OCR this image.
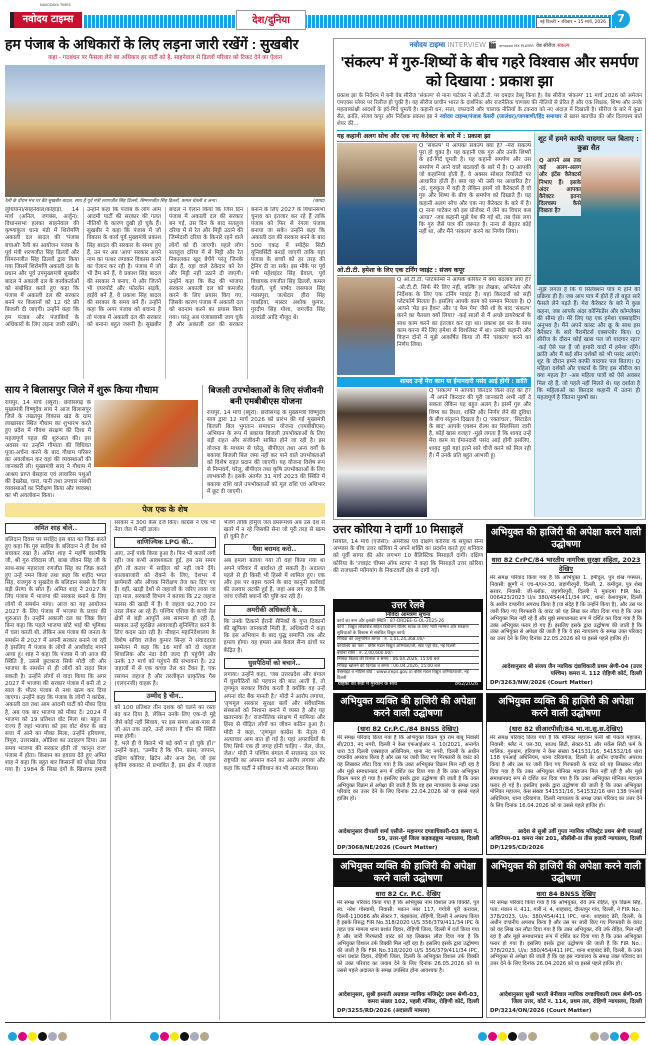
NAVODAYA TIMES
नवोदय टाइम्स	देश/दुनिया	नई दिल्ली • रविवार • 15 मार्च, 2026	7
हम पंजाब के अधिकारों के लिए लड़ना जारी रखेंगें : सुखबीर
कहा - गठबंधन पर फैसला लेने का अधिकार हर पार्टी को है, साहनेवाल से ढिल्लों परिवार को टिकट देने का ऐलान
रैली के दौरान मंच पर बैठे सुखबीर बादल, साथ हैं पूर्व मंत्री शरणजीत सिंह ढिल्लों, सिमरनजीत सिंह ढिल्लों, कमल चेतली व अन्य।	(छाया)
लुधियाना/साहनेवाल/कोहाड़ा, 14 मार्च (अनिल, जगबंस, अर्जुन): विधानसभा हलका साहनेवाल की कृष्णाकुंज धाना मंडी में शिरोमणि अकाली दल बादल की 'पंजाब बचाओ' रैली का आयोजन पंजाब के पूर्व मंत्री शरणजीत सिंह ढिल्लों और सिमरनजीत सिंह ढिल्लों द्वारा किया गया जिसमें शिरोमणि अकाली दल के प्रधान और पूर्व उपमुख्यमंत्री सुखबीर बादल ने अकाली दल के कार्यकर्ताओं को संबोधित करते हुए कहा कि पंजाब में अकाली दल की सरकार बनने पर किसानों को 12 घंटे फ्री बिजली दी जाएगी। उन्होंने कहा कि हम पंजाब और पंजाबियों के अधिकारों के लिए लड़ना जारी रखेंगे। उन्होंने कहा कि पंजाब के लोग आम आदमी पार्टी की सरकार की गलत नीतियों के कारण दुखी हो चुके हैं। सुखबीर ने कहा कि पंजाब में जो विकास के कार्य पूर्व मुख्यमंत्री प्रकाश सिंह बादल की सरकार के समय हुए हैं, उन पर अब 'आप' सरकार अपने नाम का पत्थर लगाकर विकास करने का ऐलान कर रही है। पंजाब में जो भी डैम बने हैं, वे प्रकाश सिंह बादल की सरकार ने बनाए, ये और जितने भी एयरपोर्ट और फोरलेन सड़कें, हाईवे बने हैं, वे प्रकाश सिंह बादल की सरकार के समय बने हैं। उन्होंने कहा कि अगर पंजाब को बचाना है तो पंजाब में अकाली दल की सरकार को बनाना बहुत जरूरी है। सुखबीर बादल ने ऐलान किया कि जिस दिन पंजाब में अकाली दल की सरकार बन गई, उस दिन के बाद सतलुज दरिया में से रेत और मिट्टी उठाने की जिम्मेदारी दरिया के किनारे रहने वाले लोगों को दी जाएगी। पहले लोग सतलुज दरिया में से मिट्टी और रेत निकालकर खुद बेचेंगे परंतु जिनके खेत हैं, वहां वाले ठेकेदार को रेत और मिट्टी नहीं उठाने दी जाएगी। उन्होंने कहा कि केंद्र की भाजपा सरकार अकाली दल को कमजोर करने के लिए प्रयास किए गए, जिसके कारण पंजाब में अकाली दल को बदनाम करने का प्रयास किया गया। परंतु अब पंजाबवासी जाग चुके हैं और अकाली दल की सरकार बनाने के लिए 2027 के विधानसभा चुनाव का इंतजार कर रहे हैं ताकि पंजाब को फिर से रंगला पंजाब बनाया जा सके। उन्होंने कहा कि अकाली दल की सरकार बनने के बाद 500 एकड़ में स्पोर्ट्स सिटी यूनिवर्सिटी बनाई जाएगी ताकि यहां पंजाब के बच्चों को हर तरह की ट्रेनिंग दी जा सके। इस मौके पर पूर्व मंत्री महेशइंदर सिंह ग्रेवाल, पूर्व विधायक रणजीत सिंह ढिल्लों, कमल चेतली, पूर्व पार्षद जसपाल सिंह ग्यासपुरा, जत्थेदार हीरा सिंह गाबड़िया, मास्टर अशोक कुमार, गुरदीप सिंह गोशा, जगजीत सिंह तलवंडी आदि मौजूद थे।
साय ने बिलासपुर जिले में शुरू किया गौधाम
रायपुर, 14 मार्च (ब्यूरो): छत्तीसगढ़ के मुख्यमंत्री विष्णुदेव साय ने आज बिलासपुर जिले के तखतपुर विकास खंड के ग्राम लाखासार स्थित गौधाम का शुभारंभ करते हुए प्रदेश में गौवंश संरक्षण की दिशा में महत्वपूर्ण पहल की शुरुआत की। इस अवसर पर उन्होंने गौमाता की विधिवत पूजा-अर्चना करने के बाद गौधाम परिसर का अवलोकन कर वहां की व्यवस्थाओं की जानकारी ली। मुख्यमंत्री साय ने गौधाम में आश्रय प्राप्त बेसहारा एवं लावारिस पशुओं की देखरेख, चारा, पानी तथा उपचार संबंधी व्यवस्थाओं का निरीक्षण किया और व्यवस्था का भी अवलोकन किया।
बिजली उपभोक्ताओं के लिए संजीवनी बनी एमबीबीएस योजना
रायपुर, 14 मार्च (ब्यूरो): छत्तीसगढ़ के मुख्यमंत्री विष्णुदेव साय द्वारा 12 मार्च 2026 को प्रारंभ की गई मुख्यमंत्री बिजली बिल भुगतान समाधान योजना (एमबीबीएस) अभियान के रूप में बकाया बिजली उपभोक्ताओं के लिए बड़ी राहत और संजीवनी साबित होने जा रही है। इस योजना के माध्यम से घरेलू, बीपीएल तथा अन्य वर्गों के बकाया बिजली बिल जमा नहीं कर पाने वाले उपभोक्ताओं को विशेष राहत प्रदान की जाएगी। यह योजना विशेष रूप से निम्नवर्ग, घरेलू, बीपीएल तथा कृषि उपभोक्ताओं के लिए लाभकारी है। इसके अंतर्गत 31 मार्च 2023 की स्थिति में बकाया राशि वाले उपभोक्ताओं को मूल राशि एवं अधिभार में छूट दी जाएगी।
पेज एक के शेष
अमित शाह बोले..
बलिदान दिवस पर सरहिंद इस बात का जिक्र करते हुए कहा कि गुरु साहिब के बलिदान ने ही देश को बचाकर रखा है। अमित शाह ने महर्षि वाल्मीकि जी, श्री गुरु रविदास जी, बाबा जीवन सिंह जी के साथ-साथ महाराजा रणजीत सिंह का जिक्र करते हुए उन्हें नमन किया तथा कहा कि शहीद भगत सिंह, राजगुरु व सुखदेव के बलिदान सबसे के लिए बड़ी प्रेरणा के स्रोत हैं। अमित शाह ने 2027 के लिए पंजाब में भाजपा की सरकार बनाने के लिए लोगों से समर्थन मांगा। आज का यह आयोजन 2027 के लिए पंजाब में भाजपा के प्रचार की शुरुआत है। उन्होंने अकाली दल का जिक्र किए बिना कहा कि पहले भाजपा छोटे भाई की भूमिका में चला करती थी, लेकिन अब पंजाब की जनता के समर्थन से 2027 में अपनी सरकार बनाने जा रही है इसलिए मैं पंजाब के लोगों से आशीर्वाद मांगने आया हूं। शाह ने कहा कि पंजाब में जो आज की स्थिति है, उससे छुटकारा सिर्फ मोदी जी और भाजपा के समर्थन से ही लोगों को राहत मिल सकती है। उन्होंने लोगों से वादा किया कि अगर 2027 में भाजपा की सरकार पंजाब में बनी तो 2 साल के भीतर पंजाब से नशा खत्म कर दिया जाएगा। उन्होंने कहा कि पंजाब के लोगों ने कांग्रेस, अकाली दल तथा आम आदमी पार्टी को मौका दिया है, अब एक बार भाजपा को मौका दें। 2024 में भाजपा को 19 प्रतिशत वोट मिला था। बहुत से राज्य हैं जहां भाजपा को इस वोट शेयर के बाद सत्ता में आने का मौका मिला, उन्होंने हरियाणा, त्रिपुरा, उत्तराखंड, ओडिशा का उदाहरण दिया। उस समय भाजपा की सरकार होती तो 'कानून राज' पंजाब में होता। किसान का हवाला देते हुए अमित शाह ने कहा कि बहुत बार किसानों को धोखा दिया गया है। 1984 के सिख दंगों के खिलाफ हमारी सरकार ने 300 केस दर्ज किए। कांग्रेस ने एक भी नेता जेल में नहीं डाला।
वाणिज्यिक LPG की..
आए, उन्हें पार्क किया हुआ है। फिर भी कतारें लगी रहीं। जब कभी आवश्यकता हुई, हम उस समय होंगे तो कतार में साहिल को नहीं जाने देंगे। कालाबाजारी को रोकने के लिए, देशभर में छापेमारी और औचक निरीक्षण तेज कर दिए गए हैं। वहीं, खाड़ी देशों से जहाजों के जरिए लाया जा रहा माल, सरकारी विभाग ने बताया कि 22 जहाज फारस की खाड़ी में हैं। ये जहाज 92,700 टन तरल लेकर आ रहे हैं। पश्चिम एशिया के कच्चे तेल क्षेत्रों से बड़ी आपूर्ति अब सामान्य हो रही है, सरकार उन्हें सुरक्षित आवाजाही सुनिश्चित करने के लिए कदम उठा रही है। नौवहन महानिदेशालय के विशेष सचिव राजेश कुमार सिन्हा ने संवाददाता सम्मेलन में कहा कि 16 मार्च को दो जहाज शिवालिक और नंदा देवी जल्द ही पहुंचेंगे और उनके 17 मार्च को पहुंचने की संभावना है। 22 जहाजों में से एक कच्चा तेल का टैंकर है, एक रसायन जहाज है और तरलीकृत प्राकृतिक गैस (एलएनजी) वाहक है।
उम्मीद है चीन..
को 100 प्रतिशत तीन दशक को चलने का रस्ता बंद कर दिया है, लेकिन उनके लिए एक-दो मुद्दे जैसे कोई नहीं सिवाय, पर इस समय आस-पास से जो अंत तक ठहरे, उन्हें लगता है चीन की स्थिति स्पष्ट होगी।
है, भले ही वे कितने भी बड़े क्यों न हो चुके हों।" उन्होंने कहा, "उम्मीद है कि चीन, फ्रांस, जापान, दक्षिण कोरिया, ब्रिटेन और अन्य देश, जो इस कृत्रिम रुकावट से प्रभावित हैं, इस क्षेत्र में जहाज भेजेंगे ताकि होर्मुज जल डमरूमध्य अब उस देश से खतरे में न रहे जिसकी सेना जो पूरी तरह से खत्म हो चुकी है।"
पैसा बरामद करो..
अब हमला बताया गया तो वहां किया गया था अपने परिवार में बार्दाश्त हो सकती है। अदालत पहले से ही किसी भी हिस्से में शामिल हुए। एक और इस पर बहस चलने के बाद कानूनी कार्रवाई की तलवार लटकी हुई है, जहां अब लग रहा है कि जांच एजेंसी बयानों की पुष्टि कर रही है।
अमरीकी अधिकारी के..
कि उनके ठिकाने ईरानी सैनिकों के गुप्त ठिकानों की खुफिया जानकारी मिली है, अधिकारी ने कहा कि इस अभियान के बाद युद्ध समाप्ति तक और हमला होगा। यह हमला अब केवल सैन्य ढांचों पर केंद्रित है।
घुसपैठियों को बचाने..
लगाया। उन्होंने कहा, 'जब उत्तरप्रदेश और बंगाल में घुसपैठियों को पहचान की बात आती है, तो तृणमूल सरकार विरोध करती है क्योंकि वह उन्हें अपना वोट बैंक मानती है।' मोदी ने आरोप लगाया, 'तृणमूल सरकार सुरक्षा बलों और संवैधानिक संस्थाओं को निशाना बनाने में व्यस्त है और यह खतरनाक है।' राजनीतिक संरक्षण में माफिया और हिंसा से पीड़ित लोगों का जीवन कठिन हुआ है। मोदी ने कहा, 'तृणमूल कांग्रेस के नेतृत्व में अत्याचार आम बात हो गई है। यहां अपराधियों के लिए सिर्फ एक ही जगह होनी चाहिए - जेल, जेल, जेल।' मोदी ने पश्चिम बंगाल में सत्तारूढ़ दल पर राष्ट्रपति का अपमान करने का आरोप लगाया और कहा कि पार्टी ने संविधान का भी अनादर किया।
नवोदय टाइम्स INTERVIEW 🎬 amazon MX PLAYER वेब सीरीज संकल्प
'संकल्प' में गुरु-शिष्यों के बीच गहरे विश्वास और समर्पण को दिखाया : प्रकाश झा
प्रकाश झा के निर्देशन में बनी वेब सीरीज 'संकल्प' से नाना पाटेकर ने ओ.टी.टी. पर दमदार डेब्यू किया है। वेब सीरीज 'संकल्प' 11 मार्च 2026 को अमेजन एमएक्स प्लेयर पर रिलीज हो चुकी है। यह सीरीज प्राचीन भारत के दार्शनिक और राजनैतिक चाणक्य की नीतियों से प्रेरित है और एक शिक्षक, शिष्य और उनके महत्वाकांक्षी आदर्शों के इर्द-गिर्द घूमती है। कहानी धन, सत्ता, वफादारी और चालाक नीतियों के टकराव को नए अंदाज़ में दिखाती है। सीरीज के बारे में कुब्रा सैत, क्रांति, संजय कपूर और निर्देशक प्रकाश झा ने नवोदय टाइम्स/पंजाब केसरी (जालंधर)/जगबाणी/हिंद समाचार से खास बातचीत की और दिलचस्प बातें शेयर कीं...
यह कहानी अलग सोच और एक नए कैरेक्टर के बारे में : प्रकाश झा
Q 'संकल्प' में आपका संकल्प क्या है? -मेरा संकल्प पूरा हो चुका है। यह कहानी एक गुरु और उनके शिष्यों के इर्द-गिर्द घूमती है। यह कहानी समर्पण और उस समर्पण में आने वाले बदलावों के बारे में है। Q आपकी जो कहानियां होती हैं, वे अक्सर सोशल रियलिटी पर आधारित होती हैं। क्या यह भी उसी पर आधारित है? -हां, गुरुकुल में यही है लेकिन इसमें जो कैरेक्टर्स हैं वो गुरु और शिष्य के बीच के समर्पण को दिखाते हैं। यह कहानी अलग सोच और एक नए कैरेक्टर के बारे में है। Q नाना पाटेकर को इस प्रोजेक्ट में लेने का विचार कब आया? -जब कहानी मुझे पेश की गई थी, तब ऐसा लगा कि गुरु जैसे पात्र की जरूरत है। नाना से बेहतर कोई नहीं था, और मैंने 'संकल्प' करने का निर्णय लिया।
ओ.टी.टी. हमेशा के लिए एक टर्निंग प्वाइंट : संजय कपूर
Q ओ.टी.टी. प्लेटफॉर्म्स ने आपके करियर में क्या बदलाव लाए हैं? -ओ.टी.टी. सिर्फ मेरे लिए नहीं, बल्कि हर लेखक, अभिनेता और निर्देशक के लिए एक टर्निंग प्वाइंट है। यहां किरदारों को सही प्लेटफॉर्म मिलता है। इसलिए आपके काम को सम्मान मिलता है। Q आपने 'मेड इन हैवन' और 'द फेम गेम' जैसे शो के बाद 'संकल्प' करने का फैसला क्यों लिया? -कई सालों से मैं अच्छे डायरेक्टर्स के साथ काम करने का इंतजार कर रहा था। प्रकाश झा सर के साथ काम करना मेरे लिए हमेशा से विशलिस्ट में था। उनकी कहानी और विज़न दोनों ने मुझे आकर्षित किया तो मैंने 'संकल्प' करने का निर्णय लिया।
शायद उन्हें मेरा काम या ईमानदारी पसंद आई होगी : क्रांति
Q 'संकल्प' में आपका किरदार किस तरह का है? -मैं अपने किरदार की पूरी जानकारी अभी नहीं दे सकता लेकिन यह बहुत अलग है। इसमें गुरु और शिष्य का रिश्ता, शक्ति और निर्णय लेने की दुविधा के बीच संतुलन दिखता है। Q 'रक्तांचल', 'सिटाडेल के बाद' आपके एक्शन रोल्स का सिलसिला जारी है, कोई खास वजह? -मुझे लगता है कि शायद उन्हें मेरा काम या ईमानदारी पसंद आई होगी इसलिए, शायद मुझे यहां इतने सारे चीजें करने को मिल रही हैं। मैं उनके प्रति बहुत आभारी हूं।
शूट में हमने काफी यादगार पल बिताए : कुब्रा सैत
Q आपने अब तक कई अलग-अलग और इंटेंस कैरेक्टर्स निभाए हैं। इसके अंदर आपका कैरेक्टर इतना दिलचस्प कैसे दिखता है?
-मुझे लगता है कि ये सिलेक्शन पात्र में होने की प्रक्रिया ही है। जब आप पात्र में होते हैं तो बहुत सारे फैसले लेने पड़ते हैं। मेरा कैरेक्टर के बारे में कुछ कहना, जब आपके अंदर कॉन्फिडेंस और कॉम्प्लेक्स की सीमा हो। मेरे लिए यह एक हमेशा एक्साइटिंग अनुभव है। मैंने अपने कास्ट और क्रू के साथ इस कैरेक्टर के सारे पैरामीटर्स एक्सप्लोर किए। Q सीरीज के दौरान कोई खास पल जो यादगार रहा? -कई ऐसे पल हैं जो हमारी यादों में हमेशा रहेंगे। क्रांति और मैं कई सीन दर्शकों को भी पसंद आएंगे। शूट के दौरान हमने काफी यादगार पल बिताए। Q महिला दर्शकों और एक्टर्स के लिए इस सीरीज का क्या महत्व है? -अब महिला पात्रों को ऐसे अवसर मिल रहे हैं, जो पहले नहीं मिलते थे। यह दर्शाता है कि महिलाओं का किरदार कहानी में उतना ही महत्वपूर्ण है जितना पुरुषों का।
उत्तर कोरिया ने दागीं 10 मिसाइलें
सियोल, 14 मार्च (एजेंसी): अमरीका एवं दक्षिण कोरिया के संयुक्त सैन्य अभ्यास के बीच उत्तर कोरिया ने अपने शक्ति का प्रदर्शन करते हुए शनिवार को पूर्वी सागर की ओर लगभग 10 बैलिस्टिक मिसाइलें दागीं। दक्षिण कोरिया के 'ज्वाइंट चीफ्स ऑफ स्टाफ' ने कहा कि मिसाइलें उत्तर कोरिया की राजधानी प्योंगयांग के निकटवर्ती क्षेत्र से दागी गईं।
उत्तर रेलवे
निविदा आमंत्रण सूचना
कार्य का नाम और इसकी स्थिति : 87-DRDEE-G-OL-2025-26
कार्य : विद्युत लोकोशेड सहित डिवीजन रोलिंग स्टॉक के लिए भारी मरम्मत और संरक्षण सुविधाओं के विकास से संबंधित विद्युत कार्य।
निविदा की अनुमानित लागत : रु. 1,01,24,368.00/-
कार्यालय का पता : वरिष्ठ मंडल विद्युत अभियंता/जी, स्टेट एंट्री रोड, नई दिल्ली
बयाना राशि : रु. 2,00,600.00/-
निविदा विक्रय की दिनांक व समय : 06.04.2026, 15:00 बजे
निविदा खोलने की दिनांक व समय : 06.04.2026, 15:00 बजे
वेबसाइट व नोटिस बोर्ड : www.ireps.gov.in वरिष्ठ मंडल विद्युत अभियंता/जी, नई दिल्ली
ग्राहकों की सेवा में मुस्कान के साथ	862/2026
अभियुक्त की हाजिरी की अपेक्षा करने वाली उद्घोषणा
धारा 82 CrPC/84 भारतीय नागरिक सुरक्षा संहिता, 2023 देखिए
मेरे समक्ष परिवाद किया गया है कि अभियुक्त 1. हमीदुल, पुत्र शेख गफ्फार, निवासी: झुग्गी नं. एच-4/एन-30, जहांगीरपुरी, दिल्ली, 2. कमीदुल, पुत्र शेख सरवर, निवासी: जी-ब्लॉक, जहांगीरपुरी, दिल्ली ने मुकदमा FIR No. 006423/2023 U/s 380/454/411/34 IPC, थाना: केशवपुरम, दिल्ली के अधीन दण्डनीय अपराध किया है (या संदेह है कि उन्होंने किया है), और उस पर जारी किए गए गिरफ्तारी के वारंट को यह लिख कर लौटा दिया गया है कि उक्त अभियुक्त मिल नहीं रहे हैं और मुझे समाधानप्रद रूप में दर्शित कर दिया गया है कि उक्त अभियुक्त फरार हो गए हैं। इसलिए इसके द्वारा उद्घोषणा की जाती है कि उक्त अभियुक्त से अपेक्षा की जाती है कि वे इस न्यायालय के समक्ष उक्त परिवाद का उत्तर देने के लिए दिनांक 22.05.2026 को या इससे पहले हाजिर हों।
आदेशानुसार श्री संजय जैन न्यायिक दंडाधिकारी प्रथम श्रेणी-04 (उत्तर पश्चिम) कमरा नं. 112 रोहिणी कोर्ट, दिल्ली
DP/3263/NW/2026 (Court Matter)
अभियुक्त व्यक्ति की हाजिरी की अपेक्षा करने वाली उद्घोषणा
(धारा 82 Cr.P.C./84 BNSS देखिए)
मेरे समक्ष परिवाद किया गया है कि अभियुक्त विक्रम पुत्र राम बाबू निवासी सी/203, नंद नगरी, दिल्ली ने केस एफआईआर नं. 10/2021, अन्तर्गत धारा 33 दिल्ली एक्साइज अधिनियम, थाना नंद नगरी, दिल्ली के अधीन दण्डनीय अपराध किया है और उस पर जारी किए गए गिरफ्तारी के वारंट को यह लिखकर लौटा दिया गया है कि उक्त अभियुक्त विक्रम मिल नहीं रहा है और मुझे समाधानप्रद रूप में दर्शित कर दिया गया है कि उक्त अभियुक्त विक्रम फरार हो गया है। इसलिए इसके द्वारा उद्घोषणा की जाती है कि उक्त अभियुक्त विक्रम से अपेक्षा की जाती है कि वह इस न्यायालय के समक्ष उक्त परिवाद का उत्तर देने के लिए दिनांक 22.04.2026 को या इससे पहले हाजिर हो।
आदेशानुसार दीपाली शर्मा एसीजे- महानगर दण्डाधिकारी-03 कमरा नं. 59, उत्तर-पूर्व जिला कड़कड़डूमा न्यायालय, दिल्ली
DP/3068/NE/2026 (Court Matter)
अभियुक्त व्यक्ति की हाजिरी की अपेक्षा करने वाली उद्घोषणा
(धारा 82 सीआरपीसी/84 भा.ना.सु.स.देखिए)
मेरे समक्ष परिवाद किया गया है कि मोनिका महाजन पत्नी श्री पंकज महाजन, निवासी: फ्लैट नं. एल-30, साउथ सिटी, सेक्टर-51 और मर्केस सिटी फर्म के मालिक, गुरुग्राम, हरियाणा ने केस संख्या 541531/16, 541532/16 धारा 138 एनआई अधिनियम, थाना दरियागंज, दिल्ली के अधीन दण्डनीय अपराध किया है और उस पर जारी किए गए गिरफ्तारी के वारंट को यह लिखकर लौटा दिया गया है कि उक्त अभियुक्त मोनिका महाजन मिल नहीं रही है और मुझे समाधानप्रद रूप से दर्शित कर दिया गया है कि उक्त अभियुक्त मोनिका महाजन फरार हो गई है। इसलिए इसके द्वारा उद्घोषणा की जाती है कि उक्त अभियुक्त मोनिका महाजन, केस संख्या 541531/16, 541532/16 धारा 138 एनआई अधिनियम, थाना दरियागंज, दिल्ली न्यायालय के समक्ष उक्त परिवाद का उत्तर देने के लिए दिनांक 16.04.2026 को या उससे पहले हाजिर हो।
आदेश से सुश्री उर्वी गुप्ता न्यायिक मजिस्ट्रेट प्रथम श्रेणी एनआई अधिनियम-01 कमरा नंबर 201, सीसीबी-II तीस हजारी न्यायालय, दिल्ली
DP/1295/CD/2026
अभियुक्त व्यक्ति की हाजिरी की अपेक्षा करने वाली उद्घोषणा
धारा 82 Cr. P.C. देखिए
मेरे समक्ष परिवाद किया गया है कि अभियुक्त नाम विशाल उर्फ विक्की, पुत्र स्व. नरेश गोस्वामी, निवासी: मकान नंबर 117, गंगोत्री पूरी करावल, दिल्ली-110086 और सेक्टर 7, कंझावला, रोहिणी, दिल्ली ने अपराध किया है इसके विरुद्ध FIR No.318/2020 U/S 356/379/411/34 IPC के तहत एक मामला थाना प्रशांत विहार, रोहिणी जिला, दिल्ली में दर्ज किया गया है और जारी गिरफ्तारी वारंट को यह लिखकर लौटा दिया गया है कि अभियुक्त विशाल उर्फ विक्की मिल नहीं रहा है। इसलिए इसके द्वारा उद्घोषणा की जाती है कि FIR No.318/2020 U/S 356/379/411/34 IPC, थाना प्रशांत विहार, रोहिणी जिला, दिल्ली के अभियुक्त विशाल उर्फ विक्की को उक्त परिवाद का जवाब देने के लिए दिनांक 26.05.2026 को या उससे पहले अदालत के समक्ष उपस्थित होना आवश्यक है।
आदेशानुसार, सुश्री इब्नाती अग्रवाल न्यायिक मजिस्ट्रेट प्रथम श्रेणी-03, कमरा संख्या 102, पहली मंजिल, रोहिणी कोर्ट, दिल्ली
DP/3255/RD/2026 (अदालती मामला)
अभियुक्त की हाजिरी की अपेक्षा करने वाली उद्घोषणा
धारा 84 BNSS देखिए
मेरे समक्ष परिवाद किया गया है कि अभियुक्त, रवि उर्फ रोहित, पुत्र विक्रम सिंह, पता: मकान नं. 411, गली नं. 4, शाहबाद, दौलतपुर गांव, दिल्ली, ने FIR No.: 378/2023, U/s: 380/454/411 IPC, थाना: शाहबाद डेरी, दिल्ली, के अधीन दण्डनीय अपराध किया है और उस पर जारी किए गए गिरफ्तारी के वारंट को यह लिख कर लौटा दिया गया है कि उक्त अभियुक्त, रवि उर्फ रोहित, मिल नहीं रहा है और मुझे समाधानप्रद रूप में दर्शित कर दिया गया है कि उक्त अभियुक्त फरार हो गया है। इसलिए इसके द्वारा उद्घोषणा की जाती है कि FIR No.: 378/2023, U/s: 380/454/411 IPC, थाना शाहबाद डेरी, दिल्ली, के उक्त अभियुक्त से अपेक्षा की जाती है कि वह इस न्यायालय के समक्ष उक्त परिवाद का उत्तर देने के लिए दिनांक 26.04.2026 को या इससे पहले हाजिर हो।
आदेशानुसार सुश्री भारती बेनीवाल न्यायिक दण्डाधिकारी प्रथम श्रेणी-05 जिला उत्तर, कोर्ट न. 114, प्रथम तल, रोहिणी न्यायालय, दिल्ली
DP/3214/ON/2026 (Court Matter)
